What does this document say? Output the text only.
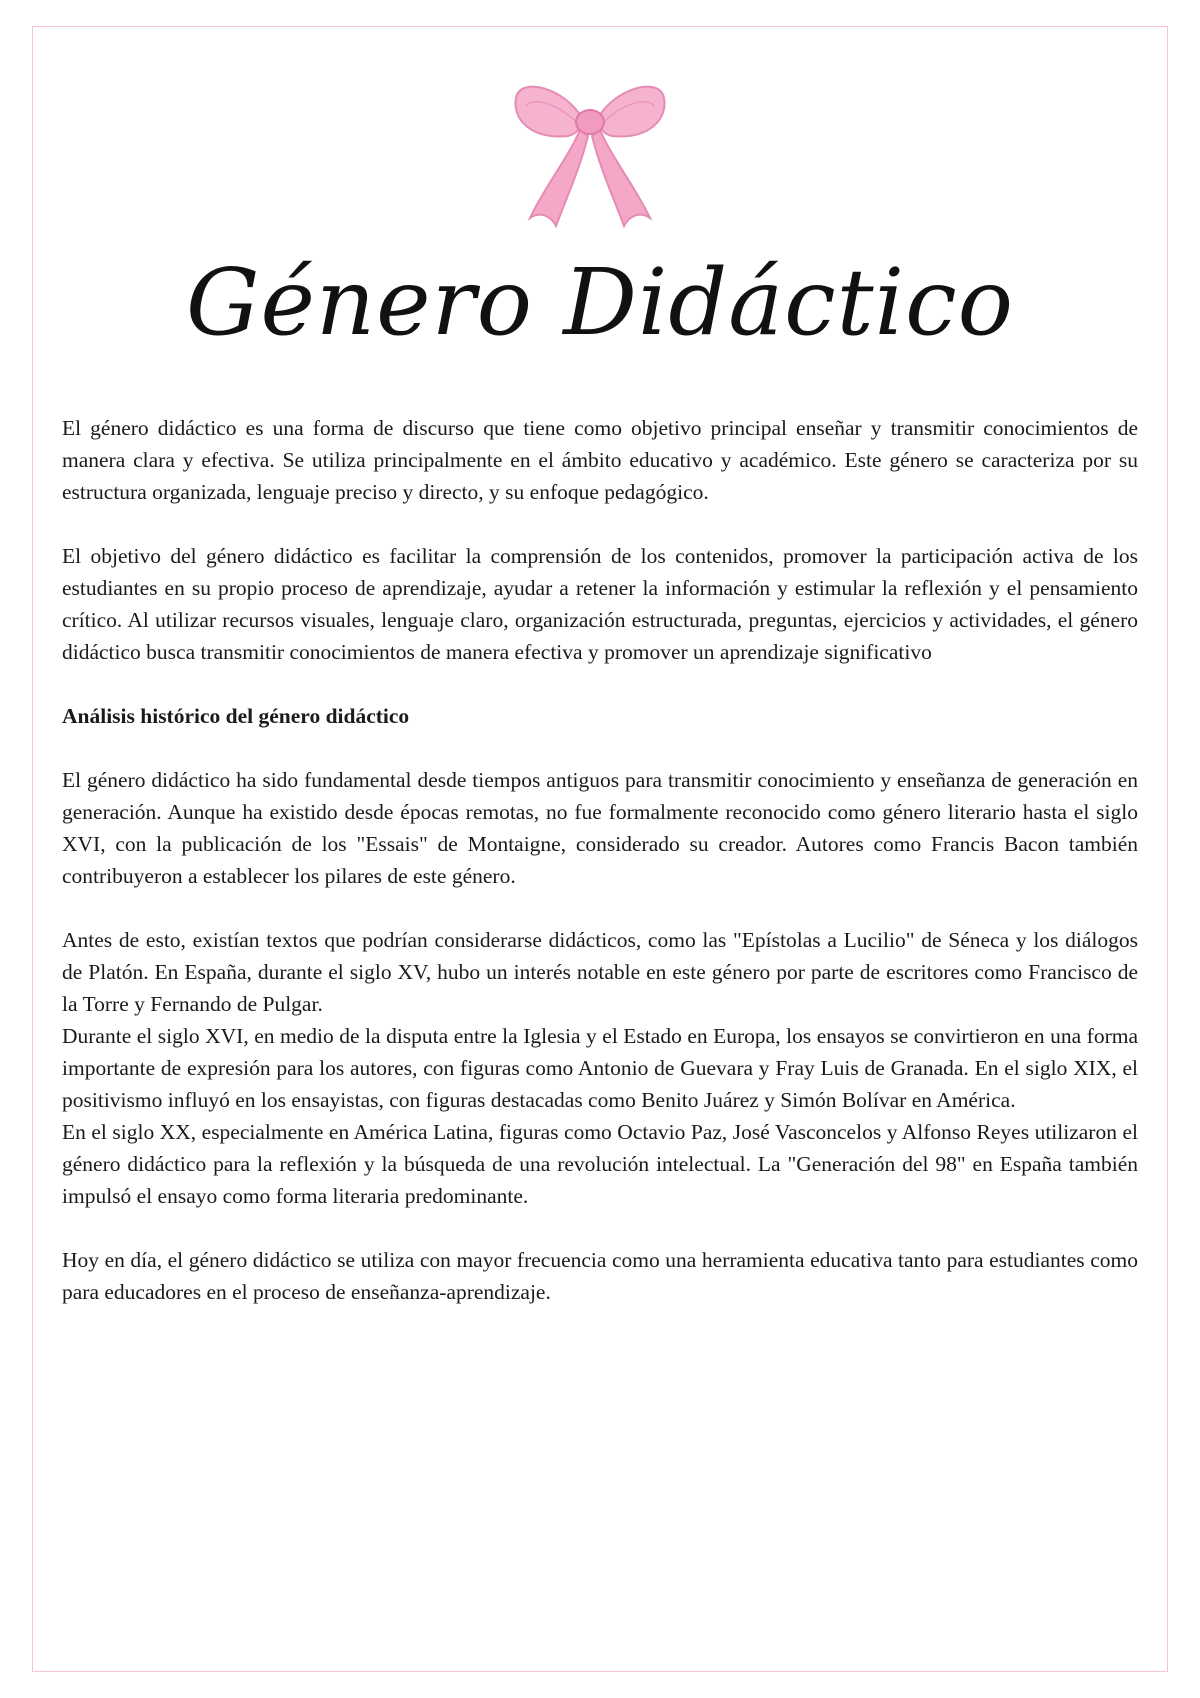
Género Didáctico

El género didáctico es una forma de discurso que tiene como objetivo principal enseñar y transmitir conocimientos de manera clara y efectiva. Se utiliza principalmente en el ámbito educativo y académico. Este género se caracteriza por su estructura organizada, lenguaje preciso y directo, y su enfoque pedagógico.

El objetivo del género didáctico es facilitar la comprensión de los contenidos, promover la participación activa de los estudiantes en su propio proceso de aprendizaje, ayudar a retener la información y estimular la reflexión y el pensamiento crítico. Al utilizar recursos visuales, lenguaje claro, organización estructurada, preguntas, ejercicios y actividades, el género didáctico busca transmitir conocimientos de manera efectiva y promover un aprendizaje significativo

Análisis histórico del género didáctico

El género didáctico ha sido fundamental desde tiempos antiguos para transmitir conocimiento y enseñanza de generación en generación. Aunque ha existido desde épocas remotas, no fue formalmente reconocido como género literario hasta el siglo XVI, con la publicación de los "Essais" de Montaigne, considerado su creador. Autores como Francis Bacon también contribuyeron a establecer los pilares de este género.

Antes de esto, existían textos que podrían considerarse didácticos, como las "Epístolas a Lucilio" de Séneca y los diálogos de Platón. En España, durante el siglo XV, hubo un interés notable en este género por parte de escritores como Francisco de la Torre y Fernando de Pulgar.

Durante el siglo XVI, en medio de la disputa entre la Iglesia y el Estado en Europa, los ensayos se convirtieron en una forma importante de expresión para los autores, con figuras como Antonio de Guevara y Fray Luis de Granada. En el siglo XIX, el positivismo influyó en los ensayistas, con figuras destacadas como Benito Juárez y Simón Bolívar en América.

En el siglo XX, especialmente en América Latina, figuras como Octavio Paz, José Vasconcelos y Alfonso Reyes utilizaron el género didáctico para la reflexión y la búsqueda de una revolución intelectual. La "Generación del 98" en España también impulsó el ensayo como forma literaria predominante.

Hoy en día, el género didáctico se utiliza con mayor frecuencia como una herramienta educativa tanto para estudiantes como para educadores en el proceso de enseñanza-aprendizaje.
